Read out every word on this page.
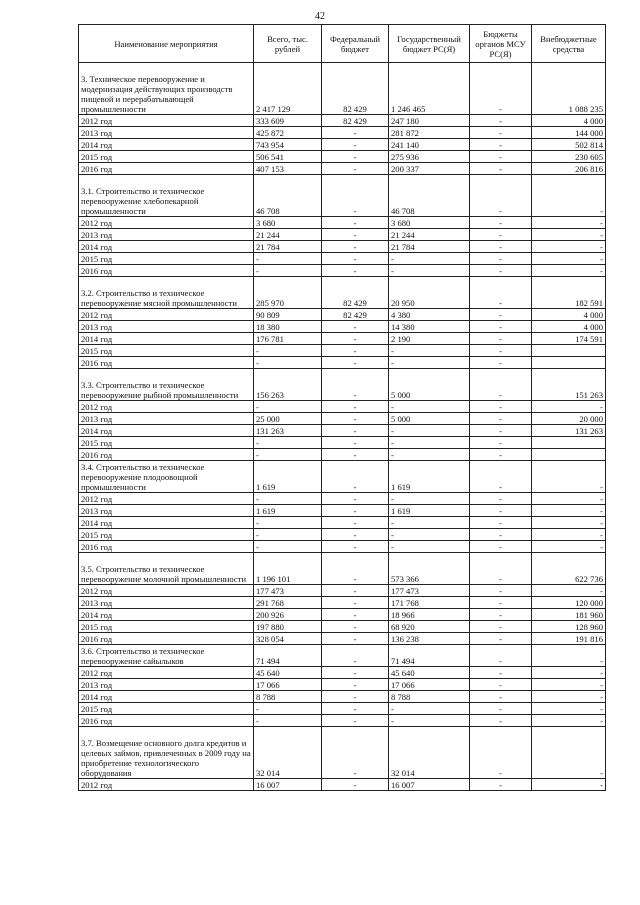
42
Наименование мероприятия	Всего, тыс. рублей	Федеральный бюджет	Государственный бюджет РС(Я)	Бюджеты органов МСУ РС(Я)	Внебюджетные средства
3. Техническое перевооружение и модернизация действующих производств пищевой и перерабатывающей промышленности	2 417 129	82 429	1 246 465	-	1 088 235
2012 год	333 609	82 429	247 180	-	4 000
2013 год	425 872	-	281 872	-	144 000
2014 год	743 954	-	241 140	-	502 814
2015 год	506 541	-	275 936	-	230 605
2016 год	407 153	-	200 337	-	206 816
3.1. Строительство и техническое перевооружение хлебопекарной промышленности	46 708	-	46 708	-	-
2012 год	3 680	-	3 680	-	-
2013 год	21 244	-	21 244	-	-
2014 год	21 784	-	21 784	-	-
2015 год	-	-	-	-	-
2016 год	-	-	-	-	-
3.2. Строительство и техническое перевооружение мясной промышленности	285 970	82 429	20 950	-	182 591
2012 год	90 809	82 429	4 380	-	4 000
2013 год	18 380	-	14 380	-	4 000
2014 год	176 781	-	2 190	-	174 591
2015 год	-	-	-	-	
2016 год	-	-	-	-	
3.3. Строительство и техническое перевооружение рыбной промышленности	156 263	-	5 000	-	151 263
2012 год	-	-	-	-	-
2013 год	25 000	-	5 000	-	20 000
2014 год	131 263	-	-	-	131 263
2015 год	-	-	-	-	
2016 год	-	-	-	-	
3.4. Строительство и техническое перевооружение плодоовощной промышленности	1 619	-	1 619	-	-
2012 год	-	-	-	-	-
2013 год	1 619	-	1 619	-	-
2014 год	-	-	-	-	-
2015 год	-	-	-	-	-
2016 год	-	-	-	-	-
3.5. Строительство и техническое перевооружение молочной промышленности	1 196 101	-	573 366	-	622 736
2012 год	177 473	-	177 473	-	-
2013 год	291 768	-	171 768	-	120 000
2014 год	200 926	-	18 966	-	181 960
2015 год	197 880	-	68 920	-	128 960
2016 год	328 054	-	136 238	-	191 816
3.6. Строительство и техническое перевооружение сайылыков	71 494	-	71 494	-	-
2012 год	45 640	-	45 640	-	-
2013 год	17 066	-	17 066	-	-
2014 год	8 788	-	8 788	-	-
2015 год	-	-	-	-	-
2016 год	-	-	-	-	-
3.7. Возмещение основного долга кредитов и целевых займов, привлеченных в 2009 году на приобретение технологического оборудования	32 014	-	32 014	-	-
2012 год	16 007	-	16 007	-	-
